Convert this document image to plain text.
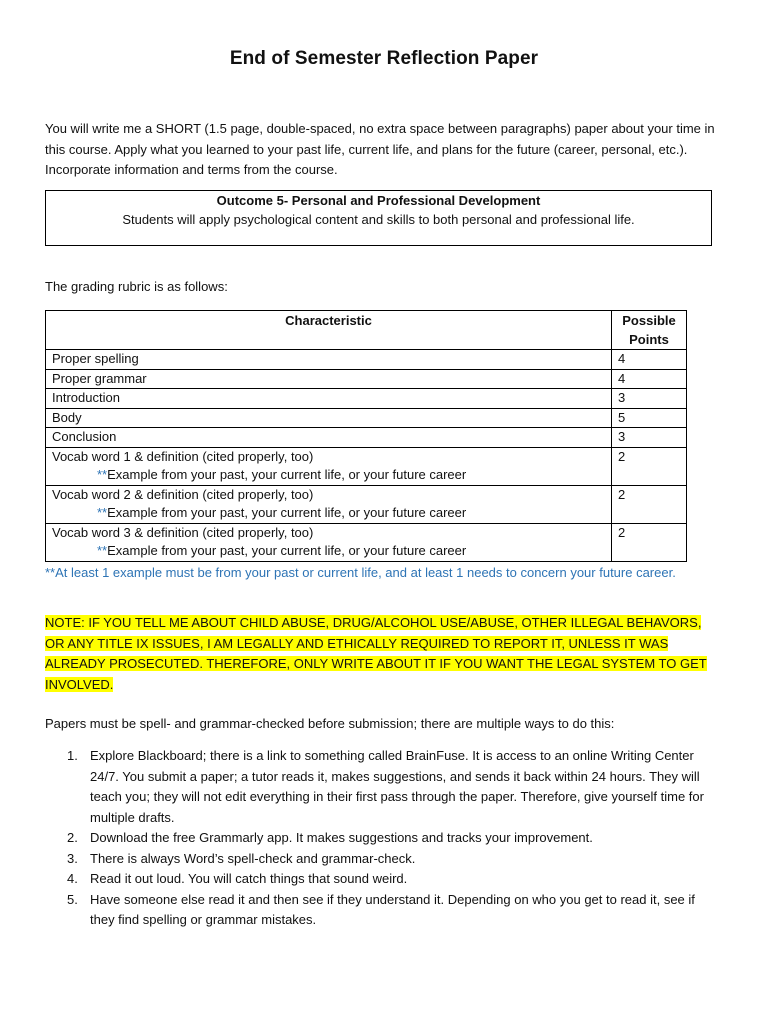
End of Semester Reflection Paper
You will write me a SHORT (1.5 page, double-spaced, no extra space between paragraphs) paper about your time in this course. Apply what you learned to your past life, current life, and plans for the future (career, personal, etc.). Incorporate information and terms from the course.
Outcome 5- Personal and Professional Development
Students will apply psychological content and skills to both personal and professional life.
The grading rubric is as follows:
Characteristic	Possible Points
Proper spelling	4
Proper grammar	4
Introduction	3
Body	5
Conclusion	3

Vocab word 1 & definition (cited properly, too)
**Example from your past, your current life, or your future career	2

Vocab word 2 & definition (cited properly, too)
**Example from your past, your current life, or your future career	2

Vocab word 3 & definition (cited properly, too)
**Example from your past, your current life, or your future career	2
**At least 1 example must be from your past or current life, and at least 1 needs to concern your future career.
NOTE: IF YOU TELL ME ABOUT CHILD ABUSE, DRUG/ALCOHOL USE/ABUSE, OTHER ILLEGAL BEHAVORS, OR ANY TITLE IX ISSUES, I AM LEGALLY AND ETHICALLY REQUIRED TO REPORT IT, UNLESS IT WAS ALREADY PROSECUTED. THEREFORE, ONLY WRITE ABOUT IT IF YOU WANT THE LEGAL SYSTEM TO GET INVOLVED.
Papers must be spell- and grammar-checked before submission; there are multiple ways to do this:
1. Explore Blackboard; there is a link to something called BrainFuse. It is access to an online Writing Center 24/7. You submit a paper; a tutor reads it, makes suggestions, and sends it back within 24 hours. They will teach you; they will not edit everything in their first pass through the paper. Therefore, give yourself time for multiple drafts.
2. Download the free Grammarly app. It makes suggestions and tracks your improvement.
3. There is always Word’s spell-check and grammar-check.
4. Read it out loud. You will catch things that sound weird.
5. Have someone else read it and then see if they understand it. Depending on who you get to read it, see if they find spelling or grammar mistakes.
